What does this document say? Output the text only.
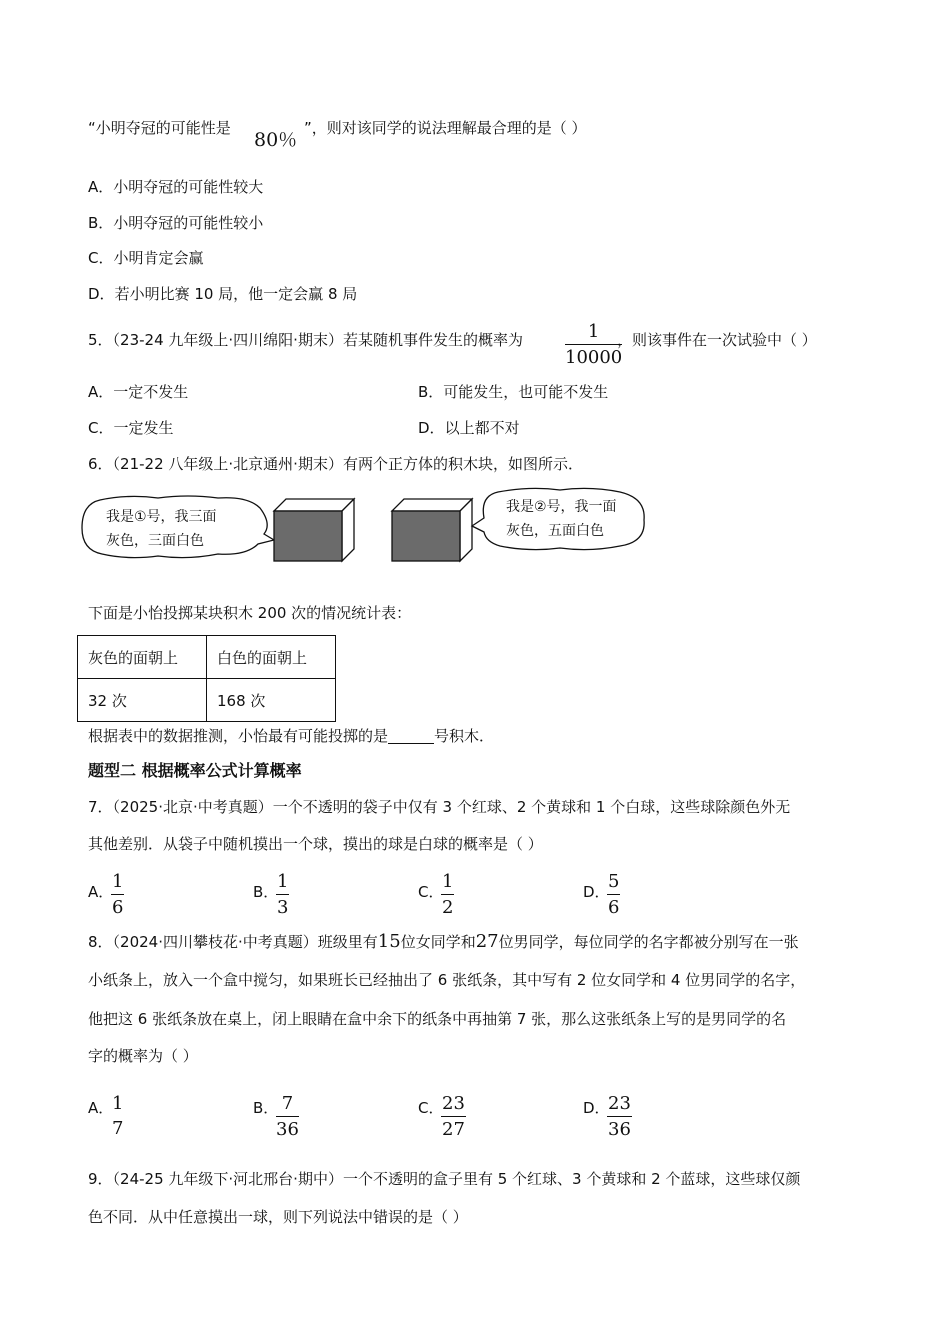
“小明夺冠的可能性是
80％
”，则对该同学的说法理解最合理的是（ ）
A．小明夺冠的可能性较大
B．小明夺冠的可能性较小
C．小明肯定会赢
D．若小明比赛 10 局，他一定会赢 8 局
5．（23-24 九年级上·四川绵阳·期末）若某随机事件发生的概率为 $\frac{1}{10000}$
，则该事件在一次试验中（ ）
A．一定不发生	B．可能发生，也可能不发生
C．一定发生	D．以上都不对
6．（21-22 八年级上·北京通州·期末）有两个正方体的积木块，如图所示．
我是①号，我三面
灰色，三面白色
我是②号，我一面
灰色，五面白色
下面是小怡投掷某块积木 200 次的情况统计表：
灰色的面朝上	白色的面朝上
32 次	168 次
根据表中的数据推测，小怡最有可能投掷的是	号积木．
题型二 根据概率公式计算概率
7．（2025·北京·中考真题）一个不透明的袋子中仅有 3 个红球、2 个黄球和 1 个白球，这些球除颜色外无
其他差别．从袋子中随机摸出一个球，摸出的球是白球的概率是（ ）
A．
$\frac{1}{6}$	B．
$\frac{1}{3}$	C．
$\frac{1}{2}$	D．
$\frac{5}{6}$
8．（2024·四川攀枝花·中考真题）班级里有15位女同学和27位男同学，每位同学的名字都被分别写在一张
小纸条上，放入一个盒中搅匀，如果班长已经抽出了 6 张纸条，其中写有 2 位女同学和 4 位男同学的名字，
他把这 6 张纸条放在桌上，闭上眼睛在盒中余下的纸条中再抽第 7 张，那么这张纸条上写的是男同学的名
字的概率为（ ）
A．
1
7
B．
$\frac{7}{36}$	C．
$\frac{23}{27}$	D．
$\frac{23}{36}$
9．（24-25 九年级下·河北邢台·期中）一个不透明的盒子里有 5 个红球、3 个黄球和 2 个蓝球，这些球仅颜
色不同．从中任意摸出一球，则下列说法中错误的是（ ）
